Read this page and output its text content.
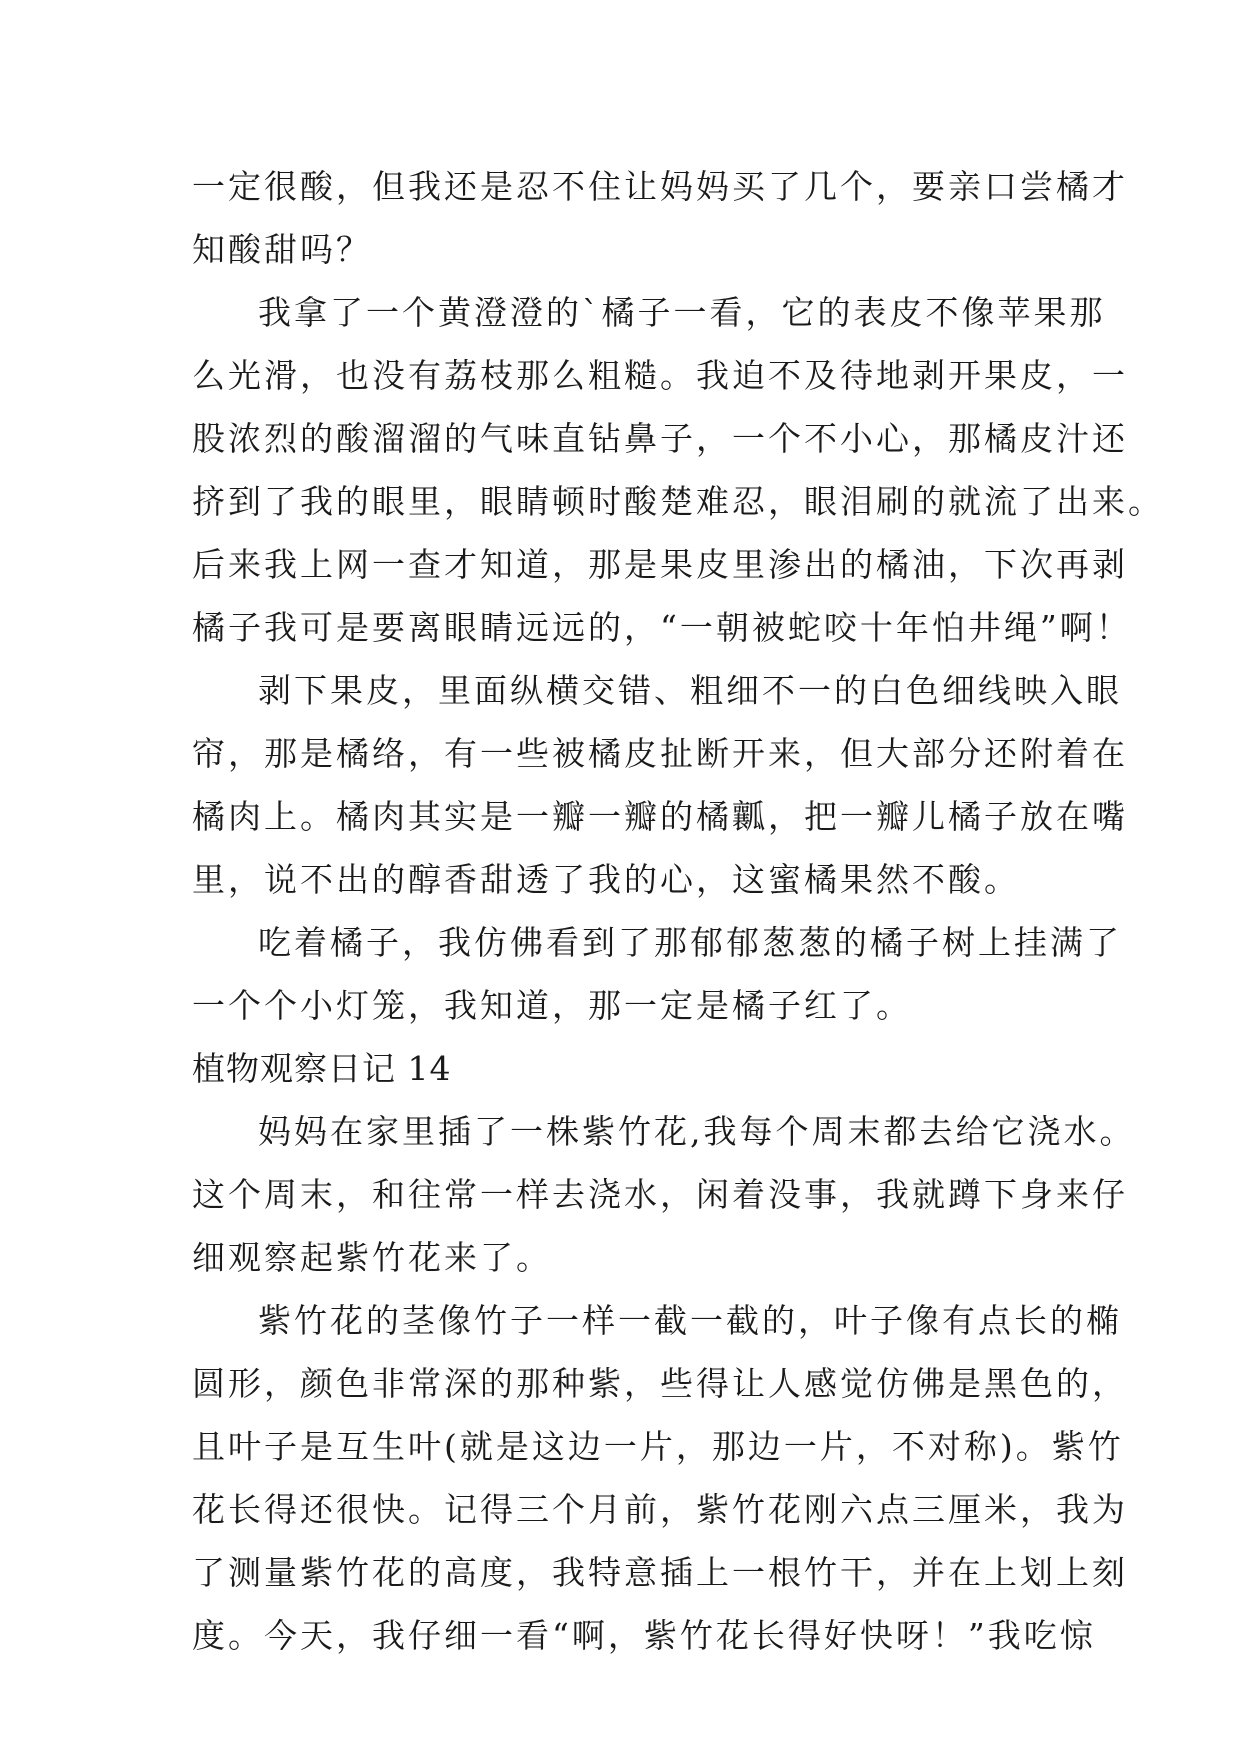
一定很酸，但我还是忍不住让妈妈买了几个，要亲口尝橘才
知酸甜吗？
我拿了一个黄澄澄的`橘子一看，它的表皮不像苹果那
么光滑，也没有荔枝那么粗糙。我迫不及待地剥开果皮，一
股浓烈的酸溜溜的气味直钻鼻子，一个不小心，那橘皮汁还
挤到了我的眼里，眼睛顿时酸楚难忍，眼泪刷的就流了出来。
后来我上网一查才知道，那是果皮里渗出的橘油，下次再剥
橘子我可是要离眼睛远远的，“一朝被蛇咬十年怕井绳”啊！
剥下果皮，里面纵横交错、粗细不一的白色细线映入眼
帘，那是橘络，有一些被橘皮扯断开来，但大部分还附着在
橘肉上。橘肉其实是一瓣一瓣的橘瓤，把一瓣儿橘子放在嘴
里，说不出的醇香甜透了我的心，这蜜橘果然不酸。
吃着橘子，我仿佛看到了那郁郁葱葱的橘子树上挂满了
一个个小灯笼，我知道，那一定是橘子红了。
植物观察日记 14
妈妈在家里插了一株紫竹花,我每个周末都去给它浇水。
这个周末，和往常一样去浇水，闲着没事，我就蹲下身来仔
细观察起紫竹花来了。
紫竹花的茎像竹子一样一截一截的，叶子像有点长的椭
圆形，颜色非常深的那种紫，些得让人感觉仿佛是黑色的，
且叶子是互生叶(就是这边一片，那边一片，不对称)。紫竹
花长得还很快。记得三个月前，紫竹花刚六点三厘米，我为
了测量紫竹花的高度，我特意插上一根竹干，并在上划上刻
度。今天，我仔细一看“啊，紫竹花长得好快呀！”我吃惊
